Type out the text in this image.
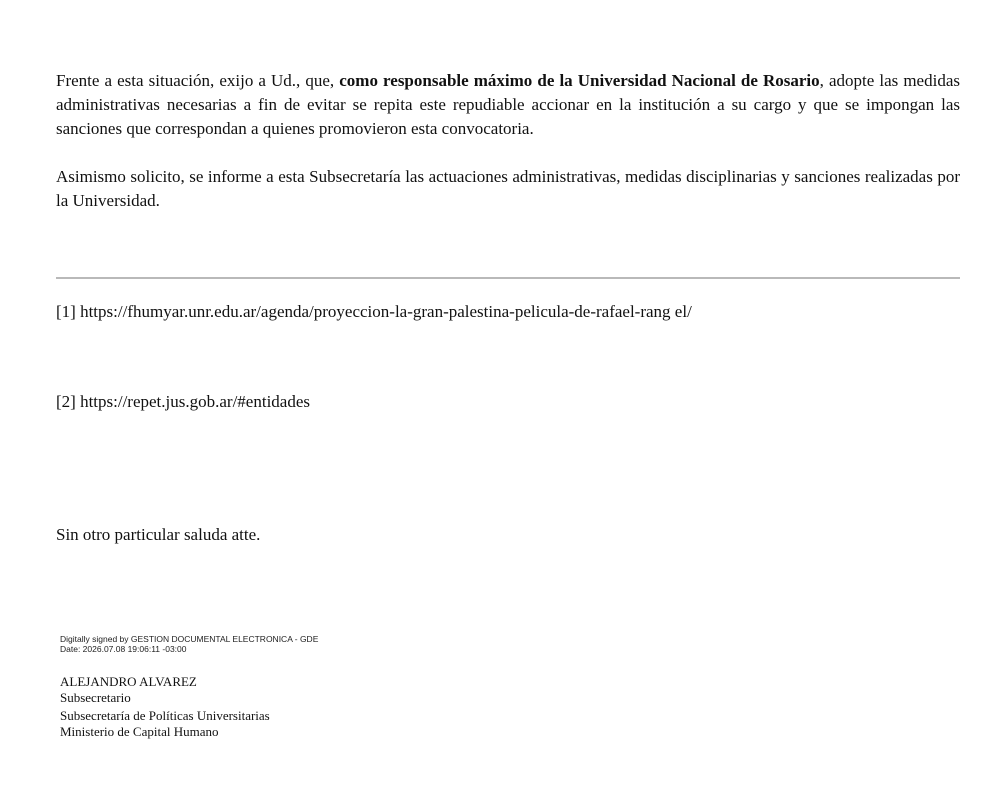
Frente a esta situación, exijo a Ud., que, como responsable máximo de la Universidad Nacional de Rosario, adopte las medidas administrativas necesarias a fin de evitar se repita este repudiable accionar en la institución a su cargo y que se impongan las sanciones que correspondan a quienes promovieron esta convocatoria.

Asimismo solicito, se informe a esta Subsecretaría las actuaciones administrativas, medidas disciplinarias y sanciones realizadas por la Universidad.

[1] https://fhumyar.unr.edu.ar/agenda/proyeccion-la-gran-palestina-pelicula-de-rafael-rang el/
[2] https://repet.jus.gob.ar/#entidades
Sin otro particular saluda atte.
Digitally signed by GESTION DOCUMENTAL ELECTRONICA - GDE
Date: 2026.07.08 19:06:11 -03:00
ALEJANDRO ALVAREZ
Subsecretario
Subsecretaría de Políticas Universitarias
Ministerio de Capital Humano
